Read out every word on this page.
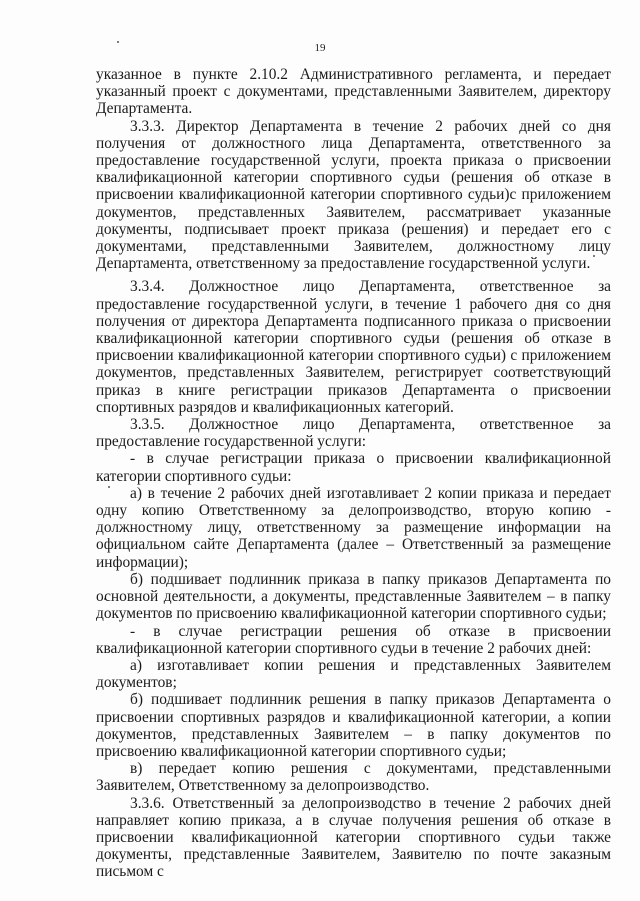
19

указанное в пункте 2.10.2 Административного регламента, и передает указанный проект с документами, представленными Заявителем, директору Департамента.

3.3.3. Директор Департамента в течение 2 рабочих дней со дня получения от должностного лица Департамента, ответственного за предоставление государственной услуги, проекта приказа о присвоении квалификационной категории спортивного судьи (решения об отказе в присвоении квалификационной категории спортивного судьи)с приложением документов, представленных Заявителем, рассматривает указанные документы, подписывает проект приказа (решения) и передает его с документами, представленными Заявителем, должностному лицу Департамента, ответственному за предоставление государственной услуги.

3.3.4. Должностное лицо Департамента, ответственное за предоставление государственной услуги, в течение 1 рабочего дня со дня получения от директора Департамента подписанного приказа о присвоении квалификационной категории спортивного судьи (решения об отказе в присвоении квалификационной категории спортивного судьи) с приложением документов, представленных Заявителем, регистрирует соответствующий приказ в книге регистрации приказов Департамента о присвоении спортивных разрядов и квалификационных категорий.

3.3.5. Должностное лицо Департамента, ответственное за предоставление государственной услуги:

- в случае регистрации приказа о присвоении квалификационной категории спортивного судьи:

а) в течение 2 рабочих дней изготавливает 2 копии приказа и передает одну копию Ответственному за делопроизводство, вторую копию - должностному лицу, ответственному за размещение информации на официальном сайте Департамента (далее – Ответственный за размещение информации);

б) подшивает подлинник приказа в папку приказов Департамента по основной деятельности, а документы, представленные Заявителем – в папку документов по присвоению квалификационной категории спортивного судьи;

- в случае регистрации решения об отказе в присвоении квалификационной категории спортивного судьи в течение 2 рабочих дней:

а) изготавливает копии решения и представленных Заявителем документов;

б) подшивает подлинник решения в папку приказов Департамента о присвоении спортивных разрядов и квалификационной категории, а копии документов, представленных Заявителем – в папку документов по присвоению квалификационной категории спортивного судьи;

в) передает копию решения с документами, представленными Заявителем, Ответственному за делопроизводство.

3.3.6. Ответственный за делопроизводство в течение 2 рабочих дней направляет копию приказа, а в случае получения решения об отказе в присвоении квалификационной категории спортивного судьи также документы, представленные Заявителем, Заявителю по почте заказным письмом с
